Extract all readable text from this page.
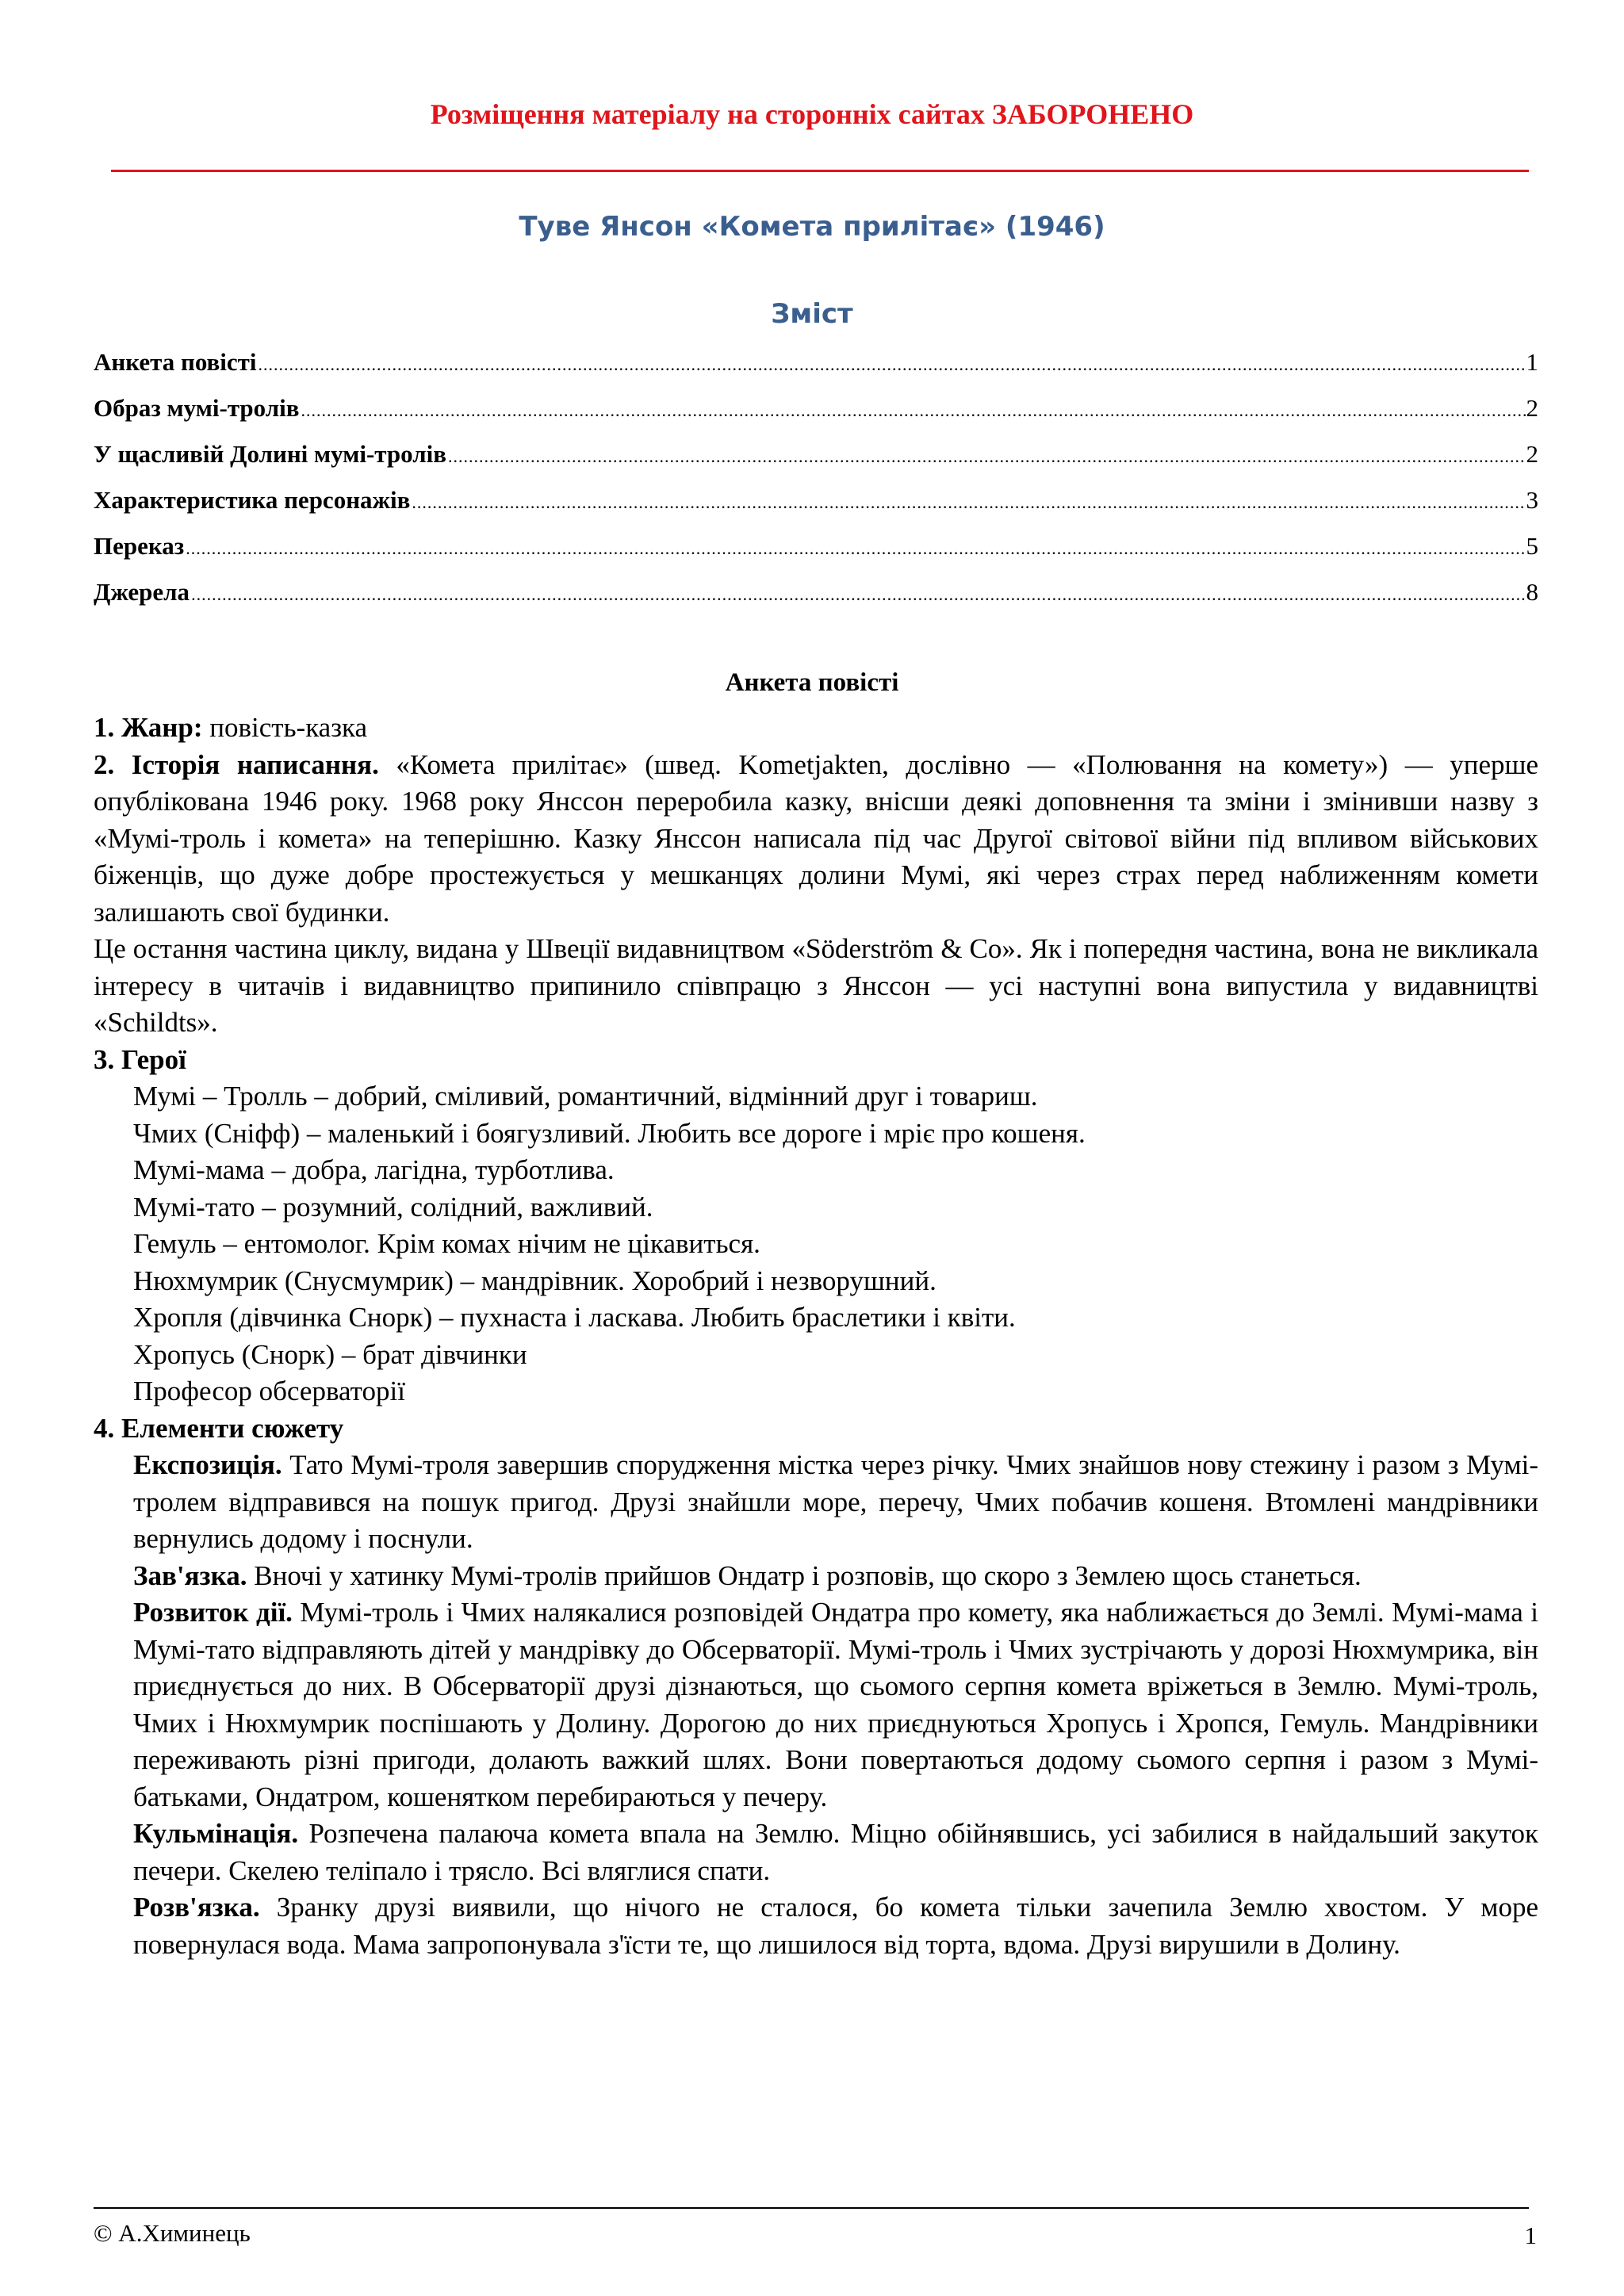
Розміщення матеріалу на сторонніх сайтах ЗАБОРОНЕНО
Туве Янсон «Комета прилітає» (1946)
Зміст
Анкета повісті .....	1
Образ мумі-тролів .....	2
У щасливій Долині мумі-тролів .....	2
Характеристика персонажів .....	3
Переказ .....	5
Джерела .....	8
Анкета повісті

1. Жанр: повість-казка

2. Історія написання. «Комета прилітає» (швед. Kometjakten, дослівно — «Полювання на комету») — уперше опублікована 1946 року. 1968 року Янссон переробила казку, внісши деякі доповнення та зміни і змінивши назву з «Мумі-троль і комета» на теперішню. Казку Янссон написала під час Другої світової війни під впливом військових біженців, що дуже добре простежується у мешканцях долини Мумі, які через страх перед наближенням комети залишають свої будинки.

Це остання частина циклу, видана у Швеції видавництвом «Söderström & Co». Як і попередня частина, вона не викликала інтересу в читачів і видавництво припинило співпрацю з Янссон — усі наступні вона випустила у видавництві «Schildts».

3. Герої

Мумі – Тролль – добрий, сміливий, романтичний, відмінний друг і товариш.
Чмих (Сніфф) – маленький і боягузливий. Любить все дороге і мріє про кошеня.
Мумі-мама – добра, лагідна, турботлива.
Мумі-тато – розумний, солідний, важливий.
Гемуль – ентомолог. Крім комах нічим не цікавиться.
Нюхмумрик (Снусмумрик) – мандрівник. Хоробрий і незворушний.
Хропля (дівчинка Снорк) – пухнаста і ласкава. Любить браслетики і квіти.
Хропусь (Снорк) – брат дівчинки
Професор обсерваторії

4. Елементи сюжету

Експозиція. Тато Мумі-троля завершив спорудження містка через річку. Чмих знайшов нову стежину і разом з Мумі-тролем відправився на пошук пригод. Друзі знайшли море, перечу, Чмих побачив кошеня. Втомлені мандрівники вернулись додому і поснули.

Зав'язка. Вночі у хатинку Мумі-тролів прийшов Ондатр і розповів, що скоро з Землею щось станеться.

Розвиток дії. Мумі-троль і Чмих налякалися розповідей Ондатра про комету, яка наближається до Землі. Мумі-мама і Мумі-тато відправляють дітей у мандрівку до Обсерваторії. Мумі-троль і Чмих зустрічають у дорозі Нюхмумрика, він приєднується до них. В Обсерваторії друзі дізнаються, що сьомого серпня комета вріжеться в Землю. Мумі-троль, Чмих і Нюхмумрик поспішають у Долину. Дорогою до них приєднуються Хропусь і Хропся, Гемуль. Мандрівники переживають різні пригоди, долають важкий шлях. Вони повертаються додому сьомого серпня і разом з Мумі-батьками, Ондатром, кошенятком перебираються у печеру.

Кульмінація. Розпечена палаюча комета впала на Землю. Міцно обійнявшись, усі забилися в найдальший закуток печери. Скелею теліпало і трясло. Всі вляглися спати.

Розв'язка. Зранку друзі виявили, що нічого не сталося, бо комета тільки зачепила Землю хвостом. У море повернулася вода. Мама запропонувала з'їсти те, що лишилося від торта, вдома. Друзі вирушили в Долину.

© А.Химинець	1
